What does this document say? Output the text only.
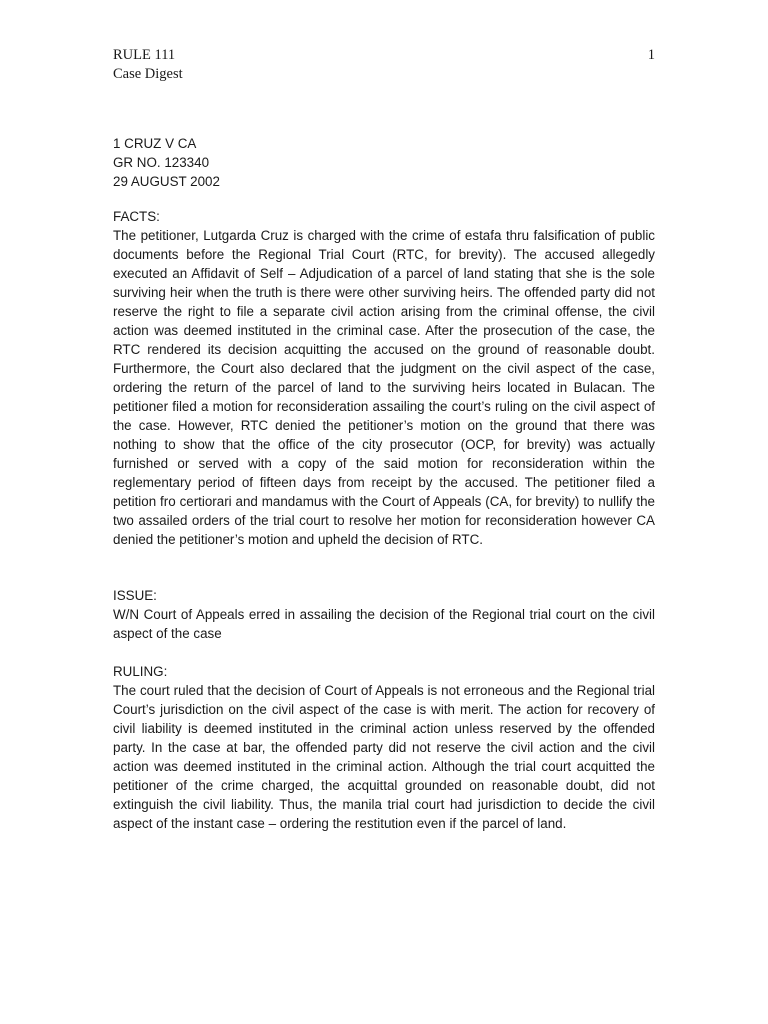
RULE 111
Case Digest
1
1 CRUZ V CA
GR NO. 123340
29 AUGUST 2002
FACTS:

The petitioner, Lutgarda Cruz is charged with the crime of estafa thru falsification of public documents before the Regional Trial Court (RTC, for brevity). The accused allegedly executed an Affidavit of Self – Adjudication of a parcel of land stating that she is the sole surviving heir when the truth is there were other surviving heirs. The offended party did not reserve the right to file a separate civil action arising from the criminal offense, the civil action was deemed instituted in the criminal case. After the prosecution of the case, the RTC rendered its decision acquitting the accused on the ground of reasonable doubt. Furthermore, the Court also declared that the judgment on the civil aspect of the case, ordering the return of the parcel of land to the surviving heirs located in Bulacan. The petitioner filed a motion for reconsideration assailing the court’s ruling on the civil aspect of the case. However, RTC denied the petitioner’s motion on the ground that there was nothing to show that the office of the city prosecutor (OCP, for brevity) was actually furnished or served with a copy of the said motion for reconsideration within the reglementary period of fifteen days from receipt by the accused. The petitioner filed a petition fro certiorari and mandamus with the Court of Appeals (CA, for brevity) to nullify the two assailed orders of the trial court to resolve her motion for reconsideration however CA denied the petitioner’s motion and upheld the decision of RTC.

ISSUE:

W/N Court of Appeals erred in assailing the decision of the Regional trial court on the civil aspect of the case

RULING:

The court ruled that the decision of Court of Appeals is not erroneous and the Regional trial Court’s jurisdiction on the civil aspect of the case is with merit. The action for recovery of civil liability is deemed instituted in the criminal action unless reserved by the offended party. In the case at bar, the offended party did not reserve the civil action and the civil action was deemed instituted in the criminal action. Although the trial court acquitted the petitioner of the crime charged, the acquittal grounded on reasonable doubt, did not extinguish the civil liability. Thus, the manila trial court had jurisdiction to decide the civil aspect of the instant case – ordering the restitution even if the parcel of land.
